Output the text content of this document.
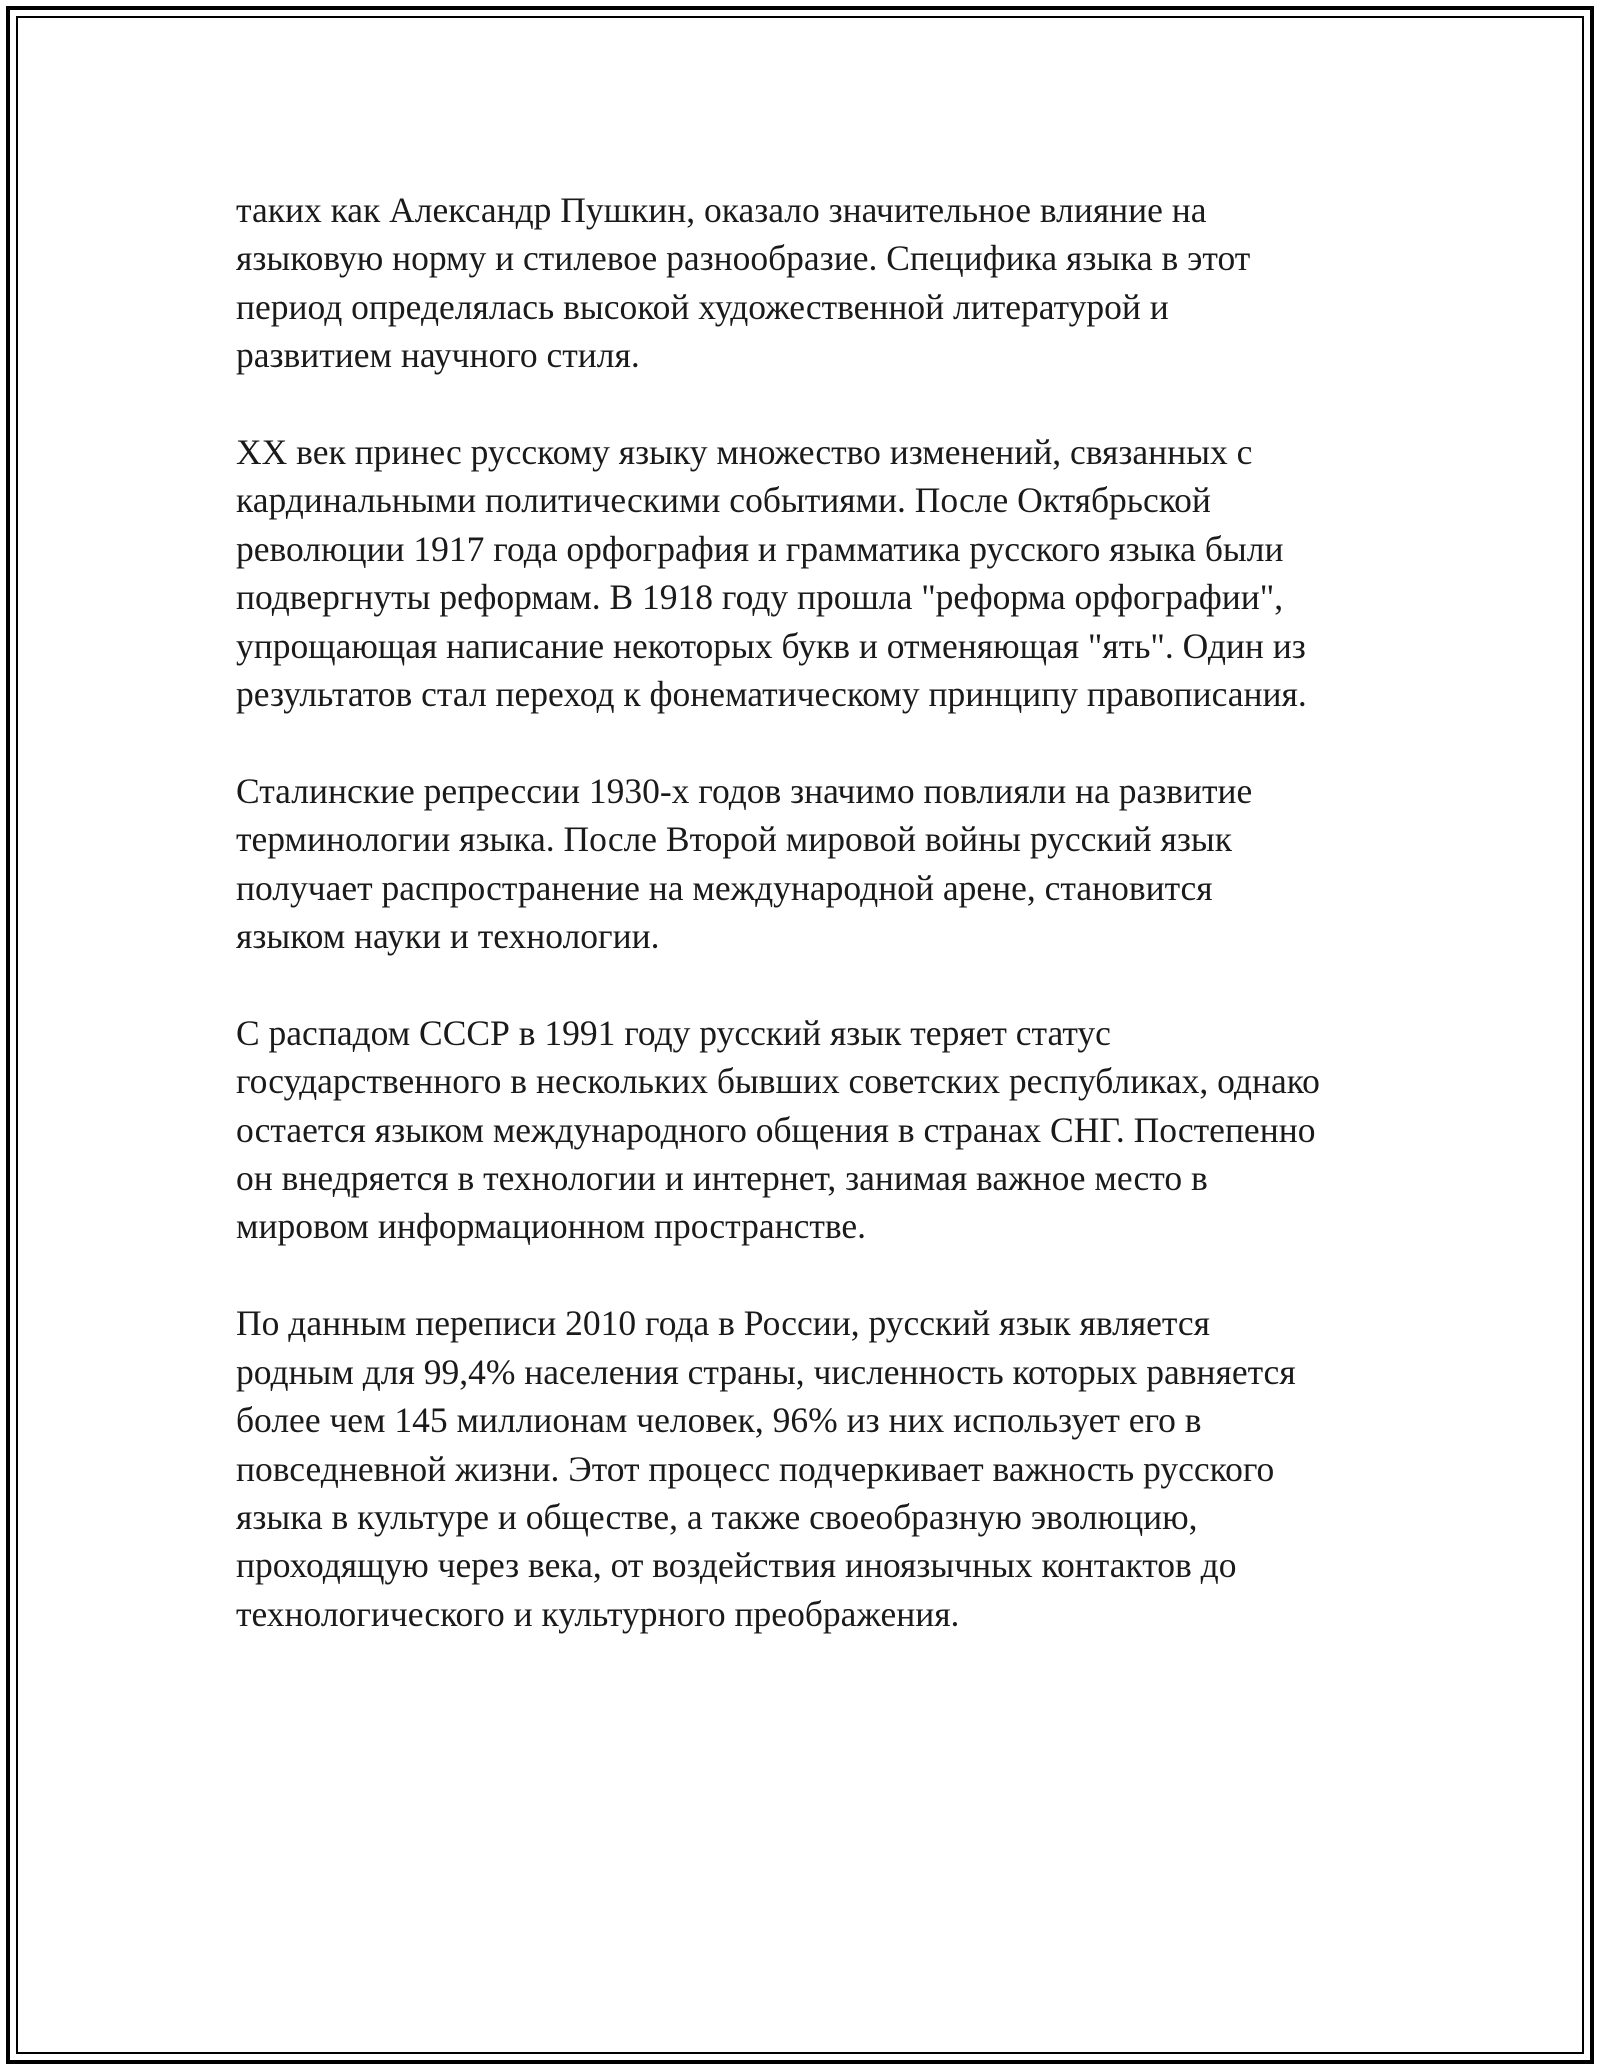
таких как Александр Пушкин, оказало значительное влияние на
языковую норму и стилевое разнообразие. Специфика языка в этот
период определялась высокой художественной литературой и
развитием научного стиля.

XX век принес русскому языку множество изменений, связанных с
кардинальными политическими событиями. После Октябрьской
революции 1917 года орфография и грамматика русского языка были
подвергнуты реформам. В 1918 году прошла "реформа орфографии",
упрощающая написание некоторых букв и отменяющая "ять". Один из
результатов стал переход к фонематическому принципу правописания.

Сталинские репрессии 1930-х годов значимо повлияли на развитие
терминологии языка. После Второй мировой войны русский язык
получает распространение на международной арене, становится
языком науки и технологии.

С распадом СССР в 1991 году русский язык теряет статус
государственного в нескольких бывших советских республиках, однако
остается языком международного общения в странах СНГ. Постепенно
он внедряется в технологии и интернет, занимая важное место в
мировом информационном пространстве.

По данным переписи 2010 года в России, русский язык является
родным для 99,4% населения страны, численность которых равняется
более чем 145 миллионам человек, 96% из них использует его в
повседневной жизни. Этот процесс подчеркивает важность русского
языка в культуре и обществе, а также своеобразную эволюцию,
проходящую через века, от воздействия иноязычных контактов до
технологического и культурного преображения.
